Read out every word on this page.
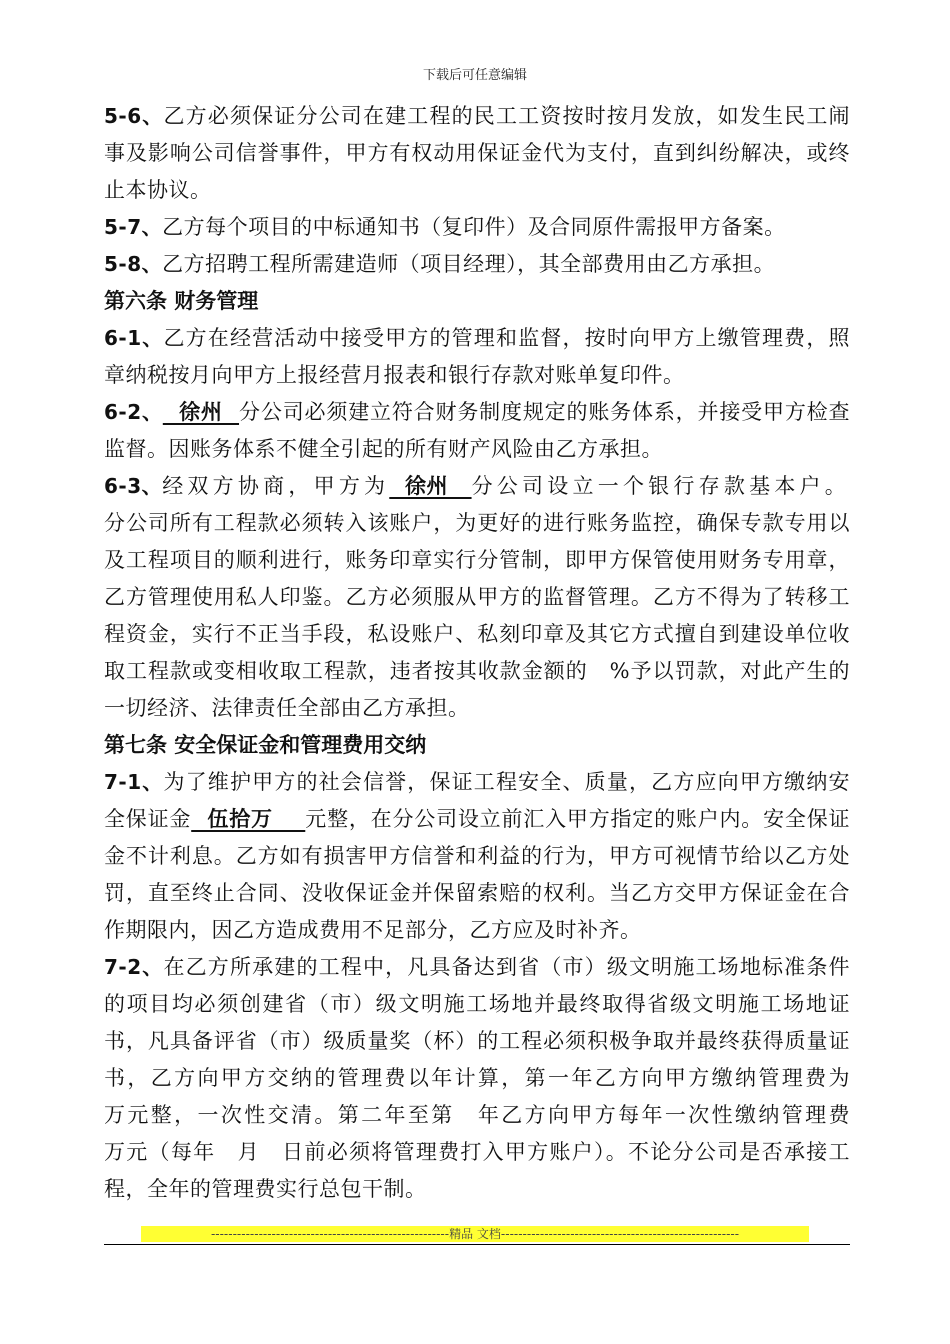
下载后可任意编辑

5-6、乙方必须保证分公司在建工程的民工工资按时按月发放，如发生民工闹事及影响公司信誉事件，甲方有权动用保证金代为支付，直到纠纷解决，或终止本协议。

5-7、乙方每个项目的中标通知书（复印件）及合同原件需报甲方备案。

5-8、乙方招聘工程所需建造师（项目经理），其全部费用由乙方承担。

第六条 财务管理

6-1、乙方在经营活动中接受甲方的管理和监督，按时向甲方上缴管理费，照章纳税按月向甲方上报经营月报表和银行存款对账单复印件。

6-2、  徐州  分公司必须建立符合财务制度规定的账务体系，并接受甲方检查监督。因账务体系不健全引起的所有财产风险由乙方承担。

6-3、经双方协商，甲方为  徐州   分公司设立一个银行存款基本户。分公司所有工程款必须转入该账户，为更好的进行账务监控，确保专款专用以及工程项目的顺利进行，账务印章实行分管制，即甲方保管使用财务专用章，乙方管理使用私人印鉴。乙方必须服从甲方的监督管理。乙方不得为了转移工程资金，实行不正当手段，私设账户、私刻印章及其它方式擅自到建设单位收取工程款或变相收取工程款，违者按其收款金额的　%予以罚款，对此产生的一切经济、法律责任全部由乙方承担。

第七条 安全保证金和管理费用交纳

7-1、为了维护甲方的社会信誉，保证工程安全、质量，乙方应向甲方缴纳安全保证金  伍拾万    元整，在分公司设立前汇入甲方指定的账户内。安全保证金不计利息。乙方如有损害甲方信誉和利益的行为，甲方可视情节给以乙方处罚，直至终止合同、没收保证金并保留索赔的权利。当乙方交甲方保证金在合作期限内，因乙方造成费用不足部分，乙方应及时补齐。

7-2、在乙方所承建的工程中，凡具备达到省（市）级文明施工场地标准条件的项目均必须创建省（市）级文明施工场地并最终取得省级文明施工场地证书，凡具备评省（市）级质量奖（杯）的工程必须积极争取并最终获得质量证书，乙方向甲方交纳的管理费以年计算，第一年乙方向甲方缴纳管理费为　　万元整，一次性交清。第二年至第　年乙方向甲方每年一次性缴纳管理费　　万元（每年　月　日前必须将管理费打入甲方账户）。不论分公司是否承接工程，全年的管理费实行总包干制。

-------------------------------------------------------精品 文档-------------------------------------------------------
